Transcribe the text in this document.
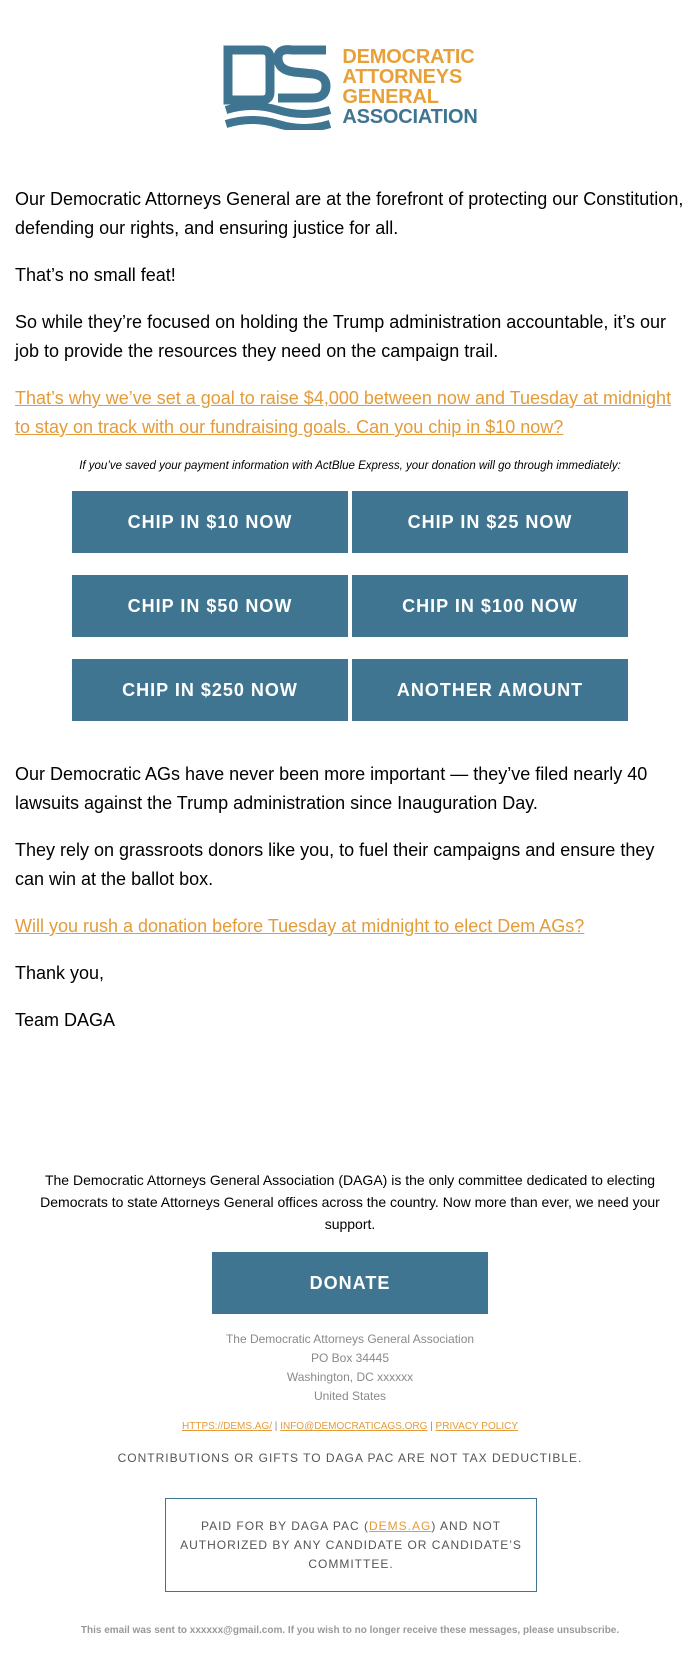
DEMOCRATIC
ATTORNEYS
GENERAL
ASSOCIATION

Our Democratic Attorneys General are at the forefront of protecting our Constitution, defending our rights, and ensuring justice for all.

That’s no small feat!

So while they’re focused on holding the Trump administration accountable, it’s our job to provide the resources they need on the campaign trail.

That’s why we’ve set a goal to raise $4,000 between now and Tuesday at midnight to stay on track with our fundraising goals. Can you chip in $10 now?

If you’ve saved your payment information with ActBlue Express, your donation will go through immediately:
CHIP IN $10 NOW	CHIP IN $25 NOW
CHIP IN $50 NOW	CHIP IN $100 NOW
CHIP IN $250 NOW	ANOTHER AMOUNT

Our Democratic AGs have never been more important — they’ve filed nearly 40 lawsuits against the Trump administration since Inauguration Day.

They rely on grassroots donors like you, to fuel their campaigns and ensure they can win at the ballot box.

Will you rush a donation before Tuesday at midnight to elect Dem AGs?

Thank you,

Team DAGA

The Democratic Attorneys General Association (DAGA) is the only committee dedicated to electing Democrats to state Attorneys General offices across the country. Now more than ever, we need your support.
DONATE
The Democratic Attorneys General Association
PO Box 34445
Washington, DC xxxxxx
United States
HTTPS://DEMS.AG/ | INFO@DEMOCRATICAGS.ORG | PRIVACY POLICY
CONTRIBUTIONS OR GIFTS TO DAGA PAC ARE NOT TAX DEDUCTIBLE.
PAID FOR BY DAGA PAC (DEMS.AG) AND NOT AUTHORIZED BY ANY CANDIDATE OR CANDIDATE’S COMMITTEE.
This email was sent to xxxxxx@gmail.com. If you wish to no longer receive these messages, please unsubscribe.
